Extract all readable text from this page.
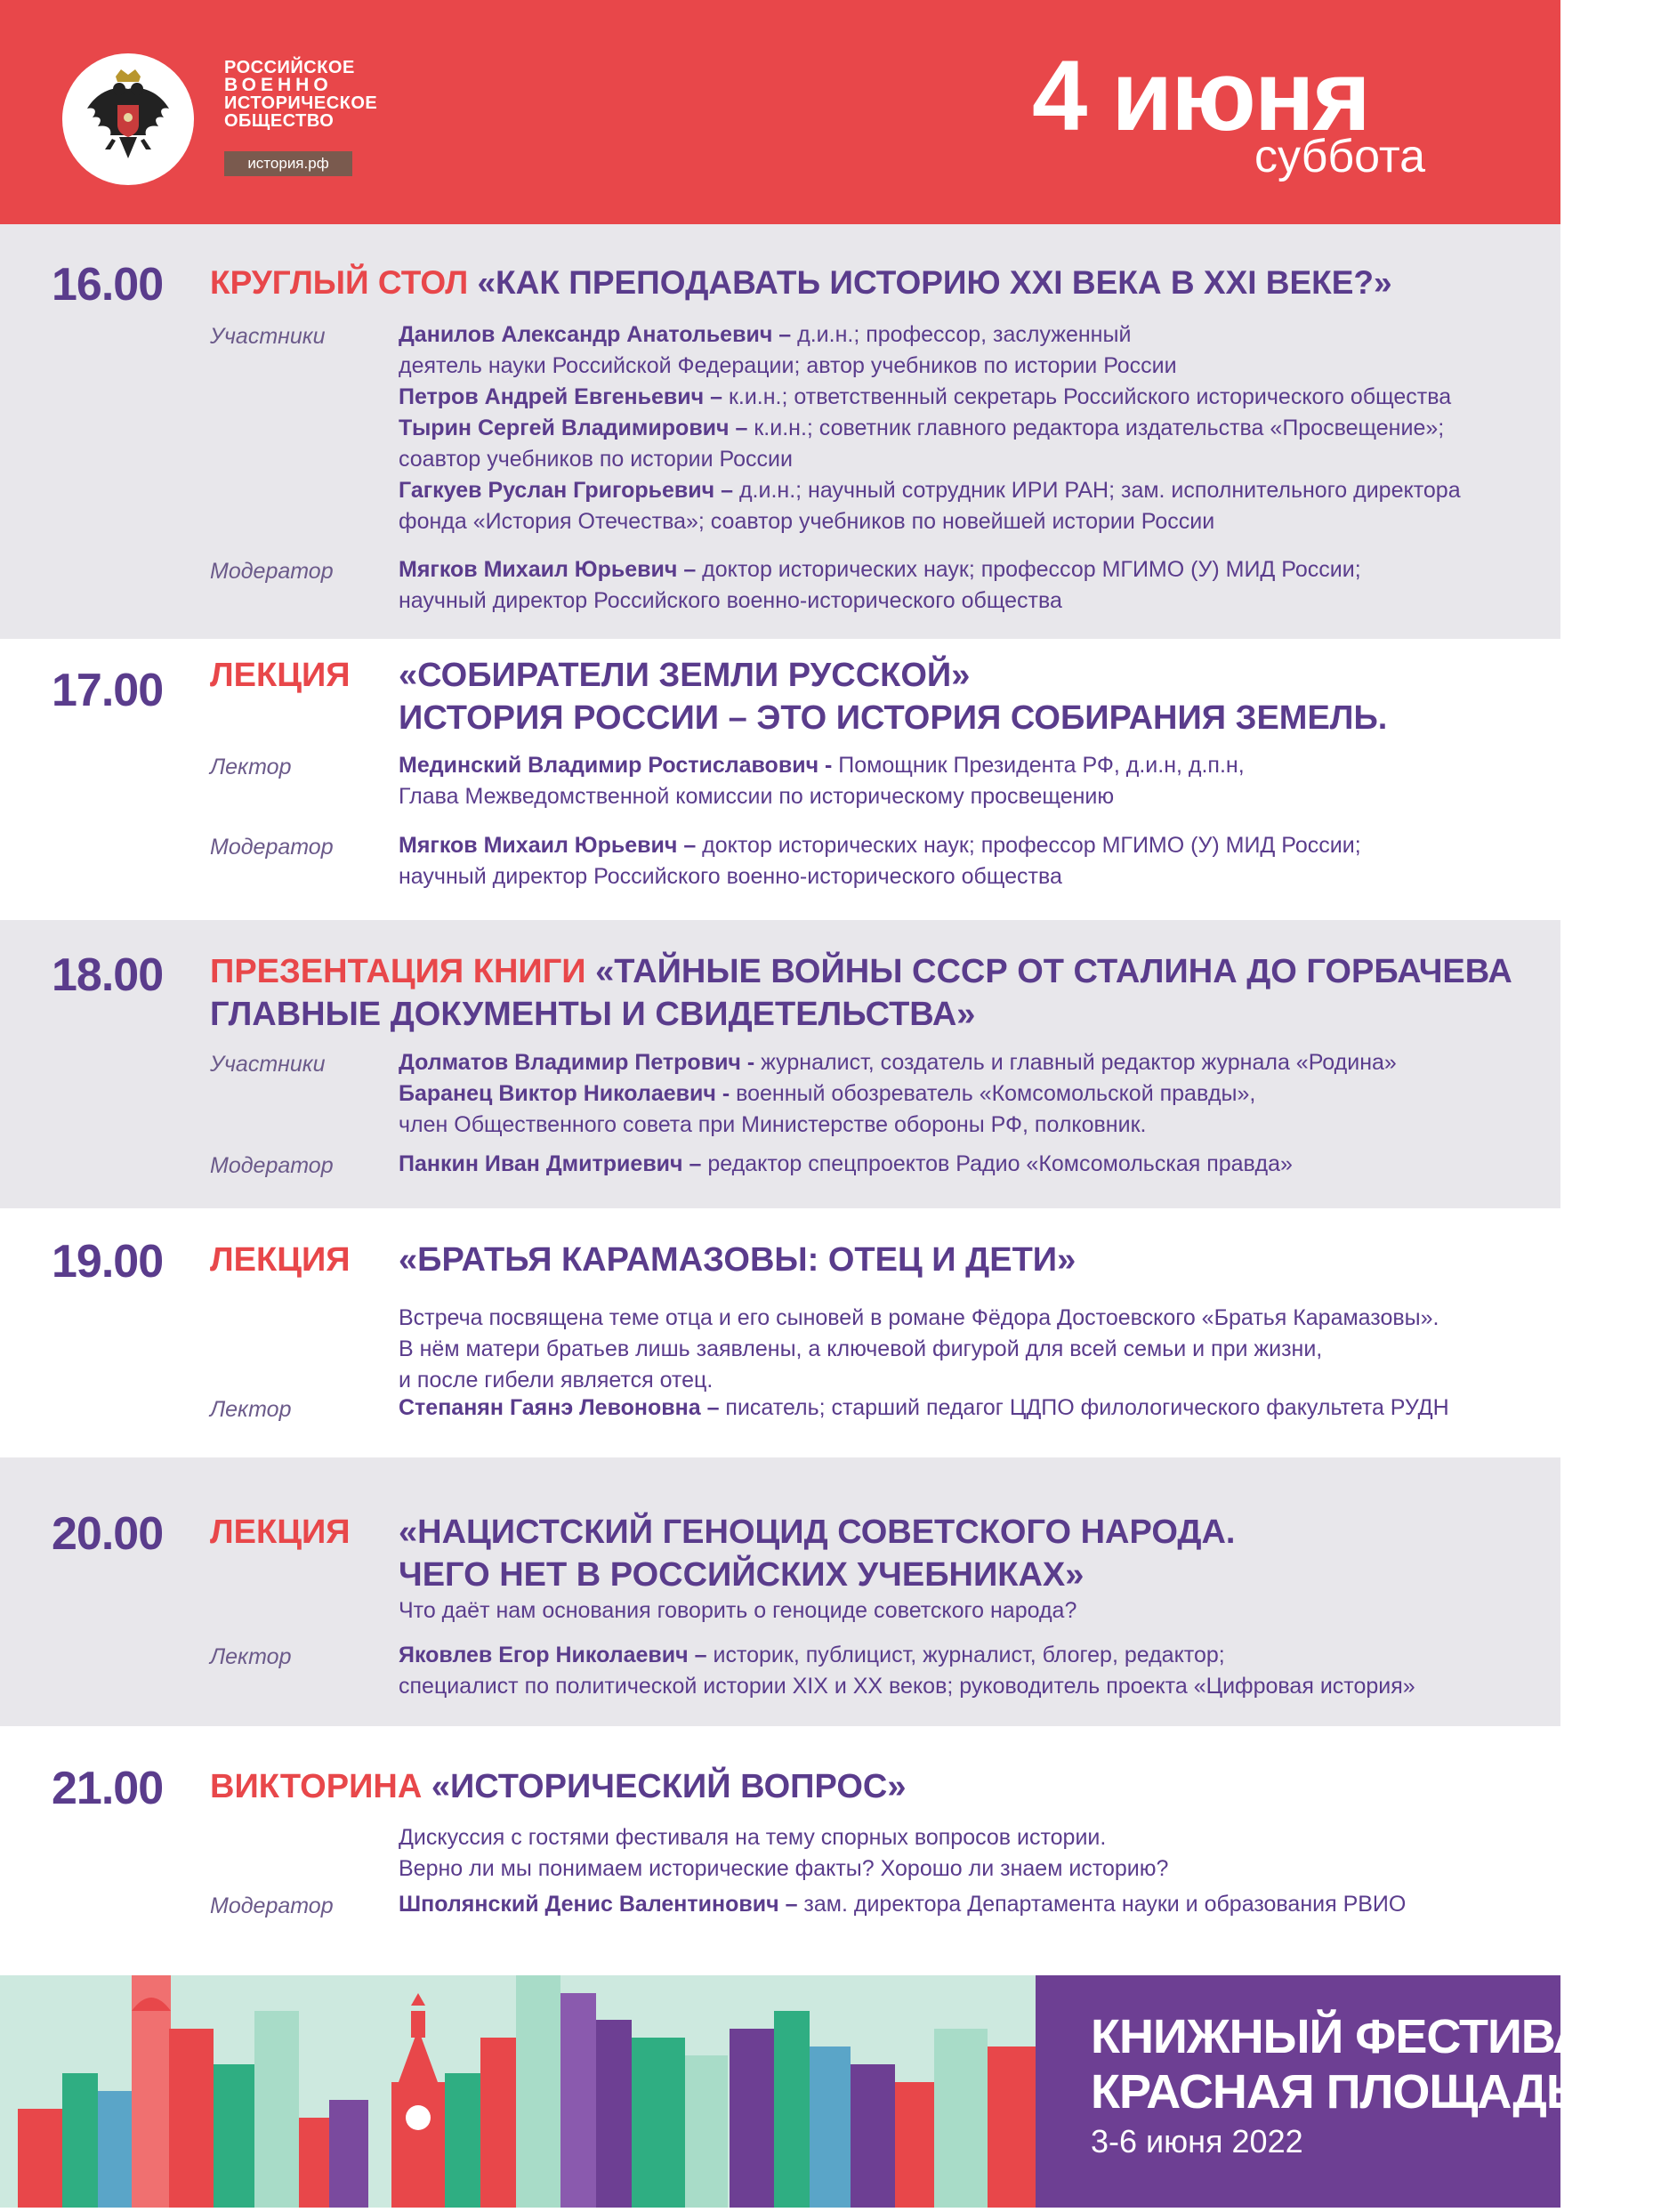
РОССИЙСКОЕ
ВОЕННО
ИСТОРИЧЕСКОЕ
ОБЩЕСТВО
история.рф
4 июня
суббота
16.00 КРУГЛЫЙ СТОЛ «КАК ПРЕПОДАВАТЬ ИСТОРИЮ XXI ВЕКА В XXI ВЕКЕ?»
Участники	Данилов Александр Анатольевич – д.и.н.; профессор, заслуженный
деятель науки Российской Федерации; автор учебников по истории России
Петров Андрей Евгеньевич – к.и.н.; ответственный секретарь Российского исторического общества
Тырин Сергей Владимирович – к.и.н.; советник главного редактора издательства «Просвещение»;
соавтор учебников по истории России
Гагкуев Руслан Григорьевич – д.и.н.; научный сотрудник ИРИ РАН; зам. исполнительного директора
фонда «История Отечества»; соавтор учебников по новейшей истории России
Модератор	Мягков Михаил Юрьевич – доктор исторических наук; профессор МГИМО (У) МИД России;
научный директор Российского военно-исторического общества
17.00 ЛЕКЦИЯ «СОБИРАТЕЛИ ЗЕМЛИ РУССКОЙ»
ИСТОРИЯ РОССИИ – ЭТО ИСТОРИЯ СОБИРАНИЯ ЗЕМЕЛЬ.
Лектор	Мединский Владимир Ростиславович - Помощник Президента РФ, д.и.н, д.п.н,
Глава Межведомственной комиссии по историческому просвещению
Модератор	Мягков Михаил Юрьевич – доктор исторических наук; профессор МГИМО (У) МИД России;
научный директор Российского военно-исторического общества
18.00 ПРЕЗЕНТАЦИЯ КНИГИ «ТАЙНЫЕ ВОЙНЫ СССР ОТ СТАЛИНА ДО ГОРБАЧЕВА
ГЛАВНЫЕ ДОКУМЕНТЫ И СВИДЕТЕЛЬСТВА»
Участники	Долматов Владимир Петрович - журналист, создатель и главный редактор журнала «Родина»
Баранец Виктор Николаевич - военный обозреватель «Комсомольской правды»,
член Общественного совета при Министерстве обороны РФ, полковник.
Модератор	Панкин Иван Дмитриевич – редактор спецпроектов Радио «Комсомольская правда»
19.00 ЛЕКЦИЯ «БРАТЬЯ КАРАМАЗОВЫ: ОТЕЦ И ДЕТИ»
Встреча посвящена теме отца и его сыновей в романе Фёдора Достоевского «Братья Карамазовы».
В нём матери братьев лишь заявлены, а ключевой фигурой для всей семьи и при жизни,
и после гибели является отец.
Лектор	Степанян Гаянэ Левоновна – писатель; старший педагог ЦДПО филологического факультета РУДН
20.00 ЛЕКЦИЯ «НАЦИСТСКИЙ ГЕНОЦИД СОВЕТСКОГО НАРОДА.
ЧЕГО НЕТ В РОССИЙСКИХ УЧЕБНИКАХ»
Что даёт нам основания говорить о геноциде советского народа?
Лектор	Яковлев Егор Николаевич – историк, публицист, журналист, блогер, редактор;
специалист по политической истории XIX и XX веков; руководитель проекта «Цифровая история»
21.00 ВИКТОРИНА «ИСТОРИЧЕСКИЙ ВОПРОС»
Дискуссия с гостями фестиваля на тему спорных вопросов истории.
Верно ли мы понимаем исторические факты? Хорошо ли знаем историю?
Модератор	Шполянский Денис Валентинович – зам. директора Департамента науки и образования РВИО
КНИЖНЫЙ ФЕСТИВАЛЬ
КРАСНАЯ ПЛОЩАДЬ
3-6 июня 2022
